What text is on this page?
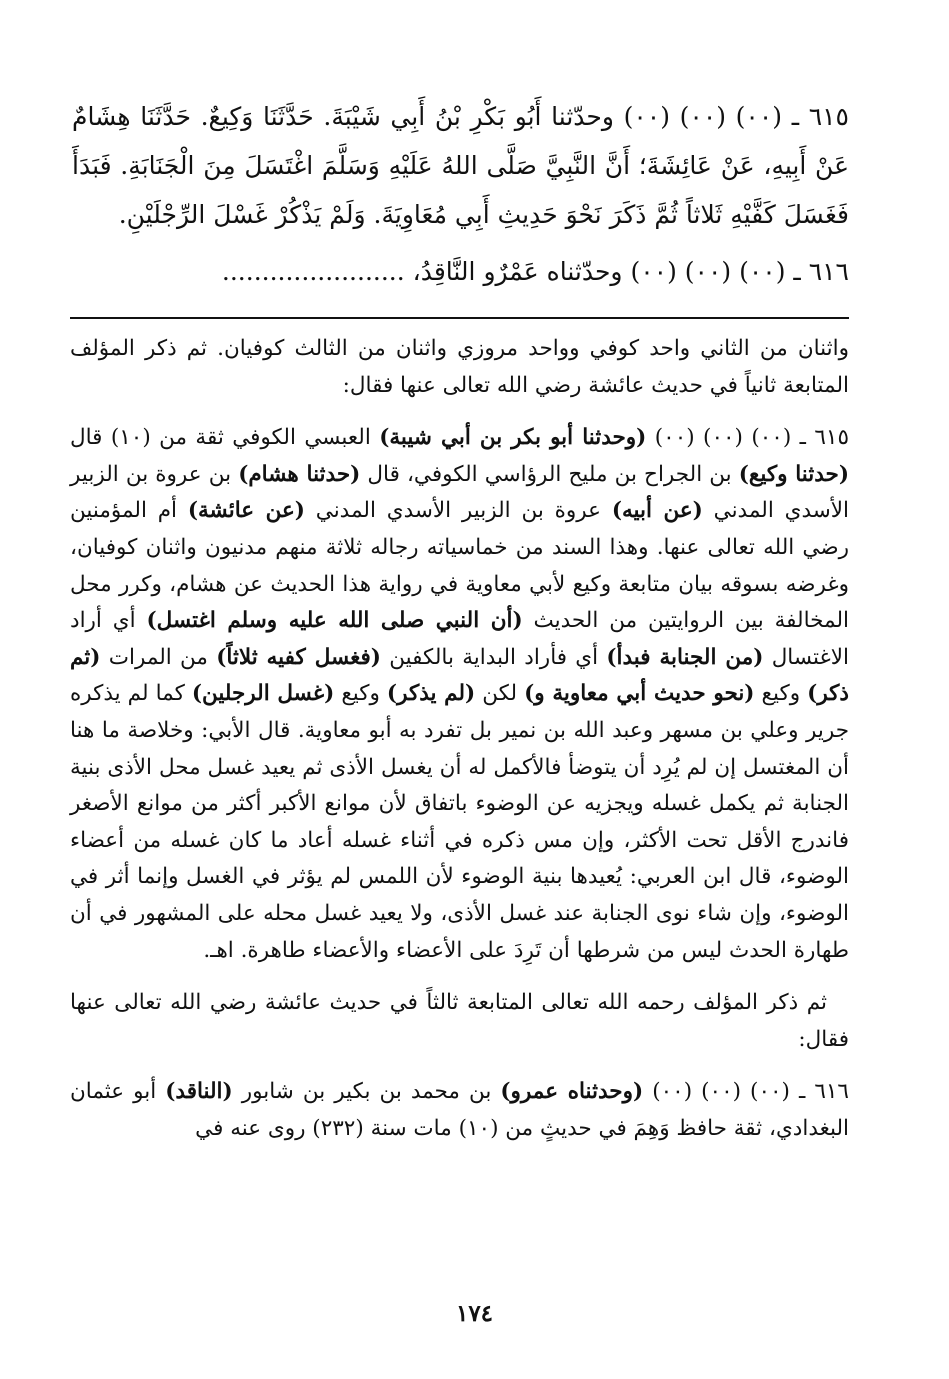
٦١٥ ـ (٠٠) (٠٠) (٠٠) وحدّثنا أَبُو بَكْرِ بْنُ أَبِي شَيْبَةَ. حَدَّثَنَا وَكِيعٌ. حَدَّثَنَا هِشَامٌ عَنْ أَبِيهِ، عَنْ عَائِشَةَ؛ أَنَّ النَّبِيَّ صَلَّى اللهُ عَلَيْهِ وَسَلَّمَ اغْتَسَلَ مِنَ الْجَنَابَةِ. فَبَدَأَ فَغَسَلَ كَفَّيْهِ ثَلاثاً ثُمَّ ذَكَرَ نَحْوَ حَدِيثِ أَبِي مُعَاوِيَةَ. وَلَمْ يَذْكُرْ غَسْلَ الرِّجْلَيْنِ.

٦١٦ ـ (٠٠) (٠٠) (٠٠) وحدّثناه عَمْرٌو النَّاقِدُ، .......................

واثنان من الثاني واحد كوفي وواحد مروزي واثنان من الثالث كوفيان. ثم ذكر المؤلف المتابعة ثانياً في حديث عائشة رضي الله تعالى عنها فقال:

٦١٥ ـ (٠٠) (٠٠) (٠٠) (وحدثنا أبو بكر بن أبي شيبة) العبسي الكوفي ثقة من (١٠) قال (حدثنا وكيع) بن الجراح بن مليح الرؤاسي الكوفي، قال (حدثنا هشام) بن عروة بن الزبير الأسدي المدني (عن أبيه) عروة بن الزبير الأسدي المدني (عن عائشة) أم المؤمنين رضي الله تعالى عنها. وهذا السند من خماسياته رجاله ثلاثة منهم مدنيون واثنان كوفيان، وغرضه بسوقه بيان متابعة وكيع لأبي معاوية في رواية هذا الحديث عن هشام، وكرر محل المخالفة بين الروايتين من الحديث (أن النبي صلى الله عليه وسلم اغتسل) أي أراد الاغتسال (من الجنابة فبدأ) أي فأراد البداية بالكفين (فغسل كفيه ثلاثاً) من المرات (ثم ذكر) وكيع (نحو حديث أبي معاوية و) لكن (لم يذكر) وكيع (غسل الرجلين) كما لم يذكره جرير وعلي بن مسهر وعبد الله بن نمير بل تفرد به أبو معاوية. قال الأبي: وخلاصة ما هنا أن المغتسل إن لم يُرِد أن يتوضأ فالأكمل له أن يغسل الأذى ثم يعيد غسل محل الأذى بنية الجنابة ثم يكمل غسله ويجزيه عن الوضوء باتفاق لأن موانع الأكبر أكثر من موانع الأصغر فاندرج الأقل تحت الأكثر، وإن مس ذكره في أثناء غسله أعاد ما كان غسله من أعضاء الوضوء، قال ابن العربي: يُعيدها بنية الوضوء لأن اللمس لم يؤثر في الغسل وإنما أثر في الوضوء، وإن شاء نوى الجنابة عند غسل الأذى، ولا يعيد غسل محله على المشهور في أن طهارة الحدث ليس من شرطها أن تَرِدَ على الأعضاء والأعضاء طاهرة. اهـ.

ثم ذكر المؤلف رحمه الله تعالى المتابعة ثالثاً في حديث عائشة رضي الله تعالى عنها فقال:

٦١٦ ـ (٠٠) (٠٠) (٠٠) (وحدثناه عمرو) بن محمد بن بكير بن شابور (الناقد) أبو عثمان البغدادي، ثقة حافظ وَهِمَ في حديثٍ من (١٠) مات سنة (٢٣٢) روى عنه في

١٧٤
